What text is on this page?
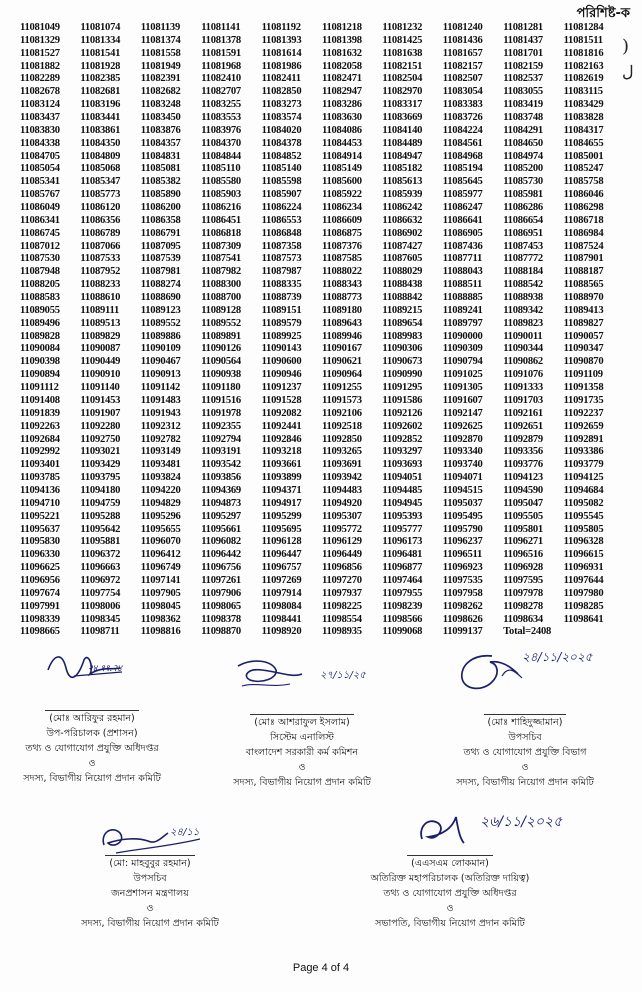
পরিশিষ্ট-ক
)
ل
11081049	11081074	11081139	11081141	11081192	11081218	11081232	11081240	11081281	11081284
11081329	11081334	11081374	11081378	11081393	11081398	11081425	11081436	11081437	11081511
11081527	11081541	11081558	11081591	11081614	11081632	11081638	11081657	11081701	11081816
11081882	11081928	11081949	11081968	11081986	11082058	11082151	11082157	11082159	11082163
11082289	11082385	11082391	11082410	11082411	11082471	11082504	11082507	11082537	11082619
11082678	11082681	11082682	11082707	11082850	11082947	11082970	11083054	11083055	11083115
11083124	11083196	11083248	11083255	11083273	11083286	11083317	11083383	11083419	11083429
11083437	11083441	11083450	11083553	11083574	11083630	11083669	11083726	11083748	11083828
11083830	11083861	11083876	11083976	11084020	11084086	11084140	11084224	11084291	11084317
11084338	11084350	11084357	11084370	11084378	11084453	11084489	11084561	11084650	11084655
11084705	11084809	11084831	11084844	11084852	11084914	11084947	11084968	11084974	11085001
11085054	11085068	11085081	11085110	11085140	11085149	11085182	11085194	11085200	11085247
11085341	11085347	11085382	11085580	11085598	11085600	11085613	11085645	11085730	11085758
11085767	11085773	11085890	11085903	11085907	11085922	11085939	11085977	11085981	11086046
11086049	11086120	11086200	11086216	11086224	11086234	11086242	11086247	11086286	11086298
11086341	11086356	11086358	11086451	11086553	11086609	11086632	11086641	11086654	11086718
11086745	11086789	11086791	11086818	11086848	11086875	11086902	11086905	11086951	11086984
11087012	11087066	11087095	11087309	11087358	11087376	11087427	11087436	11087453	11087524
11087530	11087533	11087539	11087541	11087573	11087585	11087605	11087711	11087772	11087901
11087948	11087952	11087981	11087982	11087987	11088022	11088029	11088043	11088184	11088187
11088205	11088233	11088274	11088300	11088335	11088343	11088438	11088511	11088542	11088565
11088583	11088610	11088690	11088700	11088739	11088773	11088842	11088885	11088938	11088970
11089055	11089111	11089123	11089128	11089151	11089180	11089215	11089241	11089342	11089413
11089496	11089513	11089552	11089552	11089579	11089643	11089654	11089797	11089823	11089827
11089828	11089829	11089886	11089891	11089925	11089946	11089983	11090000	11090011	11090057
11090084	11090087	11090109	11090126	11090143	11090167	11090306	11090309	11090344	11090347
11090398	11090449	11090467	11090564	11090600	11090621	11090673	11090794	11090862	11090870
11090894	11090910	11090913	11090938	11090946	11090964	11090990	11091025	11091076	11091109
11091112	11091140	11091142	11091180	11091237	11091255	11091295	11091305	11091333	11091358
11091408	11091453	11091483	11091516	11091528	11091573	11091586	11091607	11091703	11091735
11091839	11091907	11091943	11091978	11092082	11092106	11092126	11092147	11092161	11092237
11092263	11092280	11092312	11092355	11092441	11092518	11092602	11092625	11092651	11092659
11092684	11092750	11092782	11092794	11092846	11092850	11092852	11092870	11092879	11092891
11092992	11093021	11093149	11093191	11093218	11093265	11093297	11093340	11093356	11093386
11093401	11093429	11093481	11093542	11093661	11093691	11093693	11093740	11093776	11093779
11093785	11093795	11093824	11093856	11093899	11093942	11094051	11094071	11094123	11094125
11094136	11094180	11094220	11094369	11094371	11094483	11094485	11094515	11094590	11094684
11094710	11094759	11094829	11094873	11094917	11094920	11094945	11095037	11095047	11095082
11095221	11095288	11095296	11095297	11095299	11095307	11095393	11095495	11095505	11095545
11095637	11095642	11095655	11095661	11095695	11095772	11095777	11095790	11095801	11095805
11095830	11095881	11096070	11096082	11096128	11096129	11096173	11096237	11096271	11096328
11096330	11096372	11096412	11096442	11096447	11096449	11096481	11096511	11096516	11096615
11096625	11096663	11096749	11096756	11096757	11096856	11096877	11096923	11096928	11096931
11096956	11096972	11097141	11097261	11097269	11097270	11097464	11097535	11097595	11097644
11097674	11097754	11097905	11097906	11097914	11097937	11097955	11097958	11097978	11097980
11097991	11098006	11098045	11098065	11098084	11098225	11098239	11098262	11098278	11098285
11098339	11098345	11098362	11098378	11098441	11098554	11098566	11098626	11098634	11098641
11098665	11098711	11098816	11098870	11098920	11098935	11099068	11099137	Total=2408
२४.११.२४
(মোঃ আরিফুর রহমান)
উপ-পরিচালক (প্রশাসন)
তথ্য ও যোগাযোগ প্রযুক্তি অধিদপ্তর
ও
সদস্য, বিভাগীয় নিয়োগ প্রদান কমিটি
২৭/১১/২৫
(মোঃ আশরাফুল ইসলাম)
সিস্টেম এনালিস্ট
বাংলাদেশ সরকারী কর্ম কমিশন
ও
সদস্য, বিভাগীয় নিয়োগ প্রদান কমিটি
২৪/১১/২০২৫
(মোঃ শাহিদুজ্জামান)
উপসচিব
তথ্য ও যোগাযোগ প্রযুক্তি বিভাগ
ও
সদস্য, বিভাগীয় নিয়োগ প্রদান কমিটি
২৪/১১
(মো: মাহবুবুর রহমান)
উপসচিব
জনপ্রশাসন মন্ত্রণালয়
ও
সদস্য, বিভাগীয় নিয়োগ প্রদান কমিটি
২৬/১১/২০২৫
(এএসএম লোকমান)
অতিরিক্ত মহাপরিচালক (অতিরিক্ত দায়িত্ব)
তথ্য ও যোগাযোগ প্রযুক্তি অধিদপ্তর
ও
সভাপতি, বিভাগীয় নিয়োগ প্রদান কমিটি
Page 4 of 4
